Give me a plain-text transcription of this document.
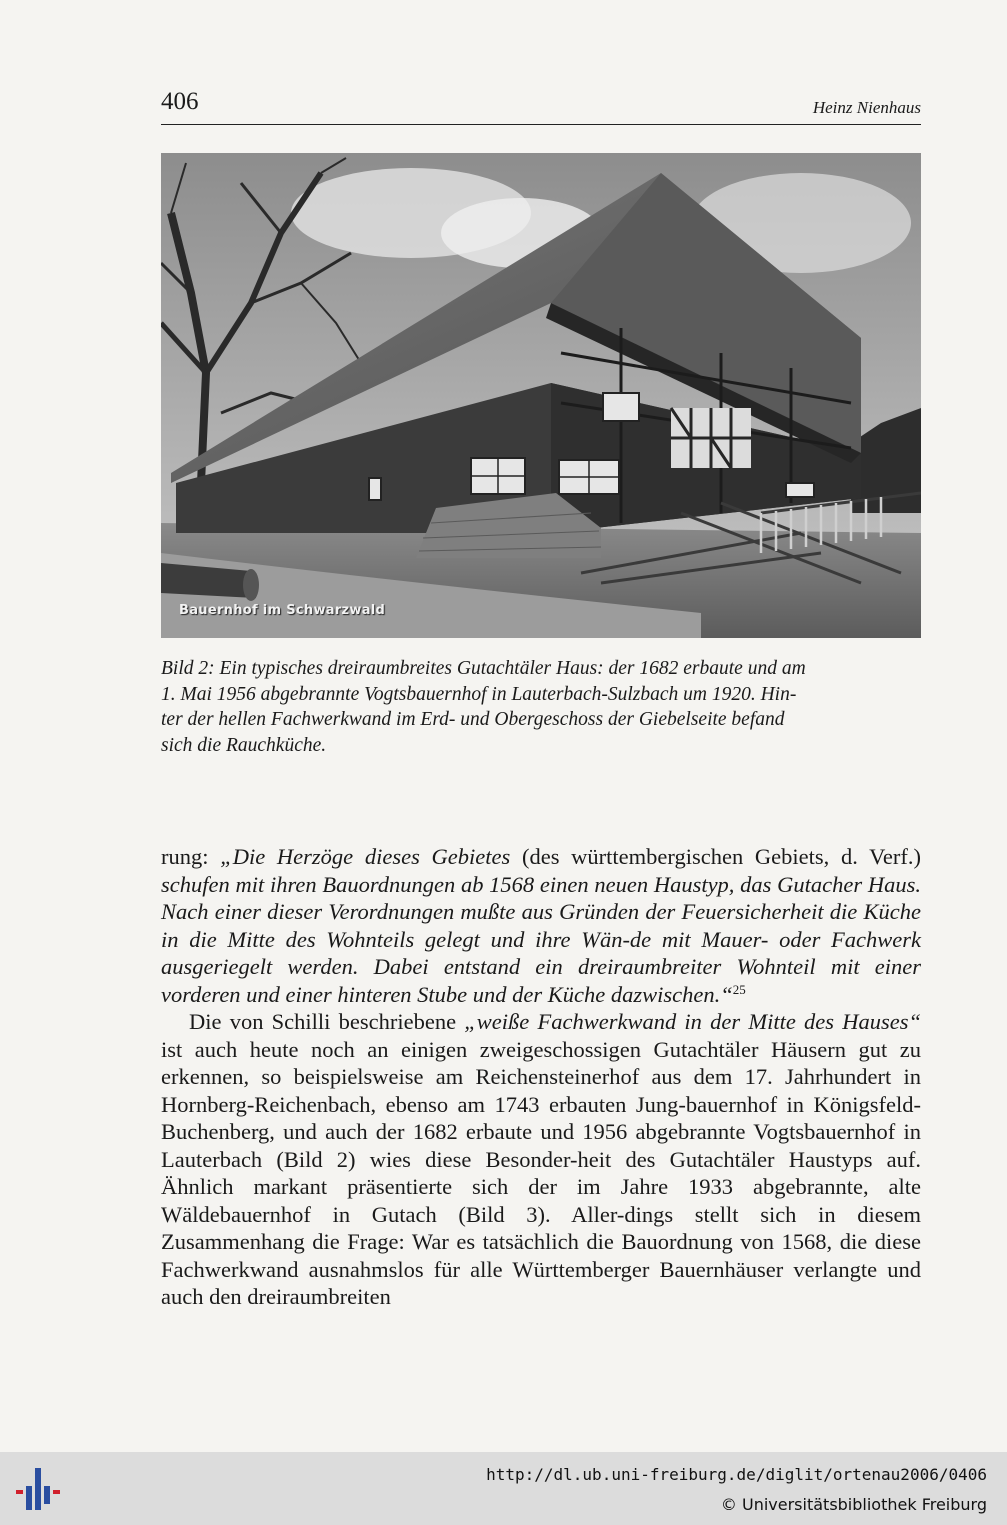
406	Heinz Nienhaus
Bauernhof im Schwarzwald
Bild 2: Ein typisches dreiraumbreites Gutachtäler Haus: der 1682 erbaute und am
1. Mai 1956 abgebrannte Vogtsbauernhof in Lauterbach-Sulzbach um 1920. Hin-
ter der hellen Fachwerkwand im Erd- und Obergeschoss der Giebelseite befand
sich die Rauchküche.

rung: „Die Herzöge dieses Gebietes (des württembergischen Gebiets, d. Verf.) schufen mit ihren Bauordnungen ab 1568 einen neuen Haustyp, das Gutacher Haus. Nach einer dieser Verordnungen mußte aus Gründen der Feuersicherheit die Küche in die Mitte des Wohnteils gelegt und ihre Wän-de mit Mauer- oder Fachwerk ausgeriegelt werden. Dabei entstand ein dreiraumbreiter Wohnteil mit einer vorderen und einer hinteren Stube und der Küche dazwischen.“$^{25}$

Die von Schilli beschriebene „weiße Fachwerkwand in der Mitte des Hauses“ ist auch heute noch an einigen zweigeschossigen Gutachtäler Häusern gut zu erkennen, so beispielsweise am Reichensteinerhof aus dem 17. Jahrhundert in Hornberg-Reichenbach, ebenso am 1743 erbauten Jung-bauernhof in Königsfeld-Buchenberg, und auch der 1682 erbaute und 1956 abgebrannte Vogtsbauernhof in Lauterbach (Bild 2) wies diese Besonder-heit des Gutachtäler Haustyps auf. Ähnlich markant präsentierte sich der im Jahre 1933 abgebrannte, alte Wäldebauernhof in Gutach (Bild 3). Aller-dings stellt sich in diesem Zusammenhang die Frage: War es tatsächlich die Bauordnung von 1568, die diese Fachwerkwand ausnahmslos für alle Württemberger Bauernhäuser verlangte und auch den dreiraumbreiten

http://dl.ub.uni-freiburg.de/diglit/ortenau2006/0406
© Universitätsbibliothek Freiburg
